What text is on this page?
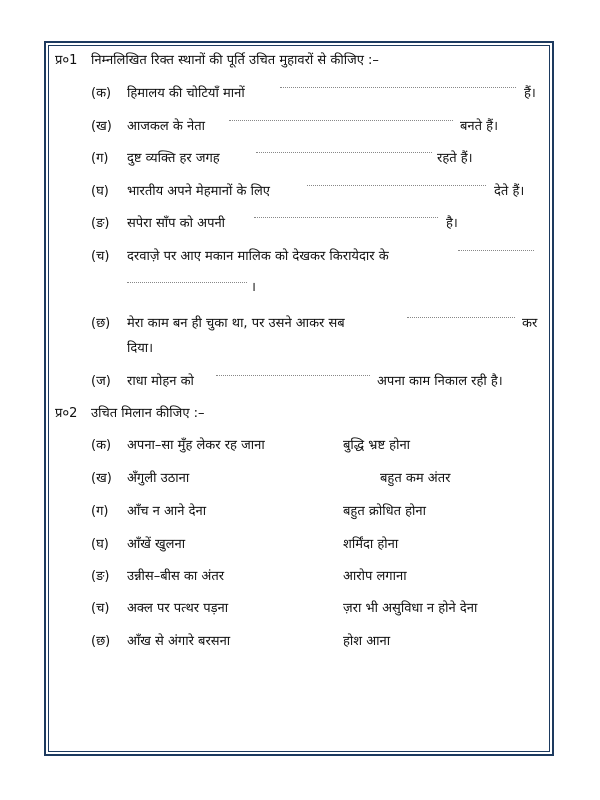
प्र०1 निम्नलिखित रिक्त स्थानों की पूर्ति उचित मुहावरों से कीजिए :–
(क) हिमालय की चोटियाँ मानों	हैं।
(ख) आजकल के नेता	बनते हैं।
(ग) दुष्ट व्यक्ति हर जगह	रहते हैं।
(घ) भारतीय अपने मेहमानों के लिए	देते हैं।
(ङ) सपेरा साँप को अपनी	है।
(च) दरवाज़े पर आए मकान मालिक को देखकर किरायेदार के
।
(छ) मेरा काम बन ही चुका था, पर उसने आकर सब	कर
दिया।
(ज) राधा मोहन को	अपना काम निकाल रही है।
प्र०2 उचित मिलान कीजिए :–
(क) अपना–सा मुँह लेकर रह जाना	बुद्धि भ्रष्ट होना
(ख) अँगुली उठाना	बहुत कम अंतर
(ग) आँच न आने देना	बहुत क्रोधित होना
(घ) आँखें खुलना	शर्मिंदा होना
(ङ) उन्नीस–बीस का अंतर	आरोप लगाना
(च) अक्ल पर पत्थर पड़ना	ज़रा भी असुविधा न होने देना
(छ) आँख से अंगारे बरसना	होश आना
